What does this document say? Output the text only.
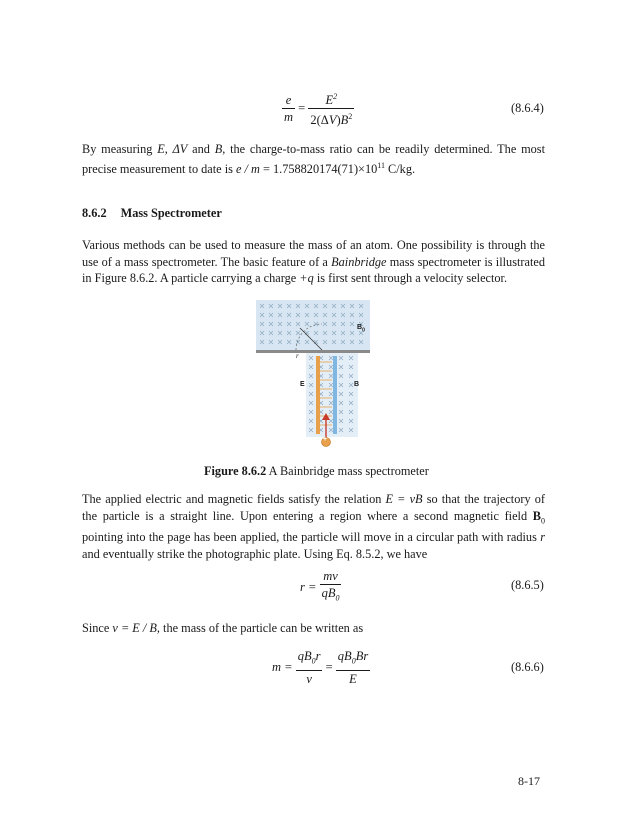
$\frac{e}{m} = \frac{E^2}{2(\Delta V)B^2}$	(8.6.4)
By measuring E, ΔV and B, the charge-to-mass ratio can be readily determined. The most precise measurement to date is $e / m = 1.758820174(71)\times 10^{11}$ C/kg.
8.6.2 Mass Spectrometer
Various methods can be used to measure the mass of an atom. One possibility is through the use of a mass spectrometer. The basic feature of a Bainbridge mass spectrometer is illustrated in Figure 8.6.2. A particle carrying a charge +q is first sent through a velocity selector.
$B_0$
r
E	B
+
Figure 8.6.2 A Bainbridge mass spectrometer
The applied electric and magnetic fields satisfy the relation E = vB so that the trajectory of the particle is a straight line. Upon entering a region where a second magnetic field $B_0$ pointing into the page has been applied, the particle will move in a circular path with radius r and eventually strike the photographic plate. Using Eq. 8.5.2, we have
$r = \frac{mv}{qB_0}$	(8.6.5)
Since v = E / B, the mass of the particle can be written as
$m = \frac{qB_0r}{v} = \frac{qB_0Br}{E}$	(8.6.6)
8-17
